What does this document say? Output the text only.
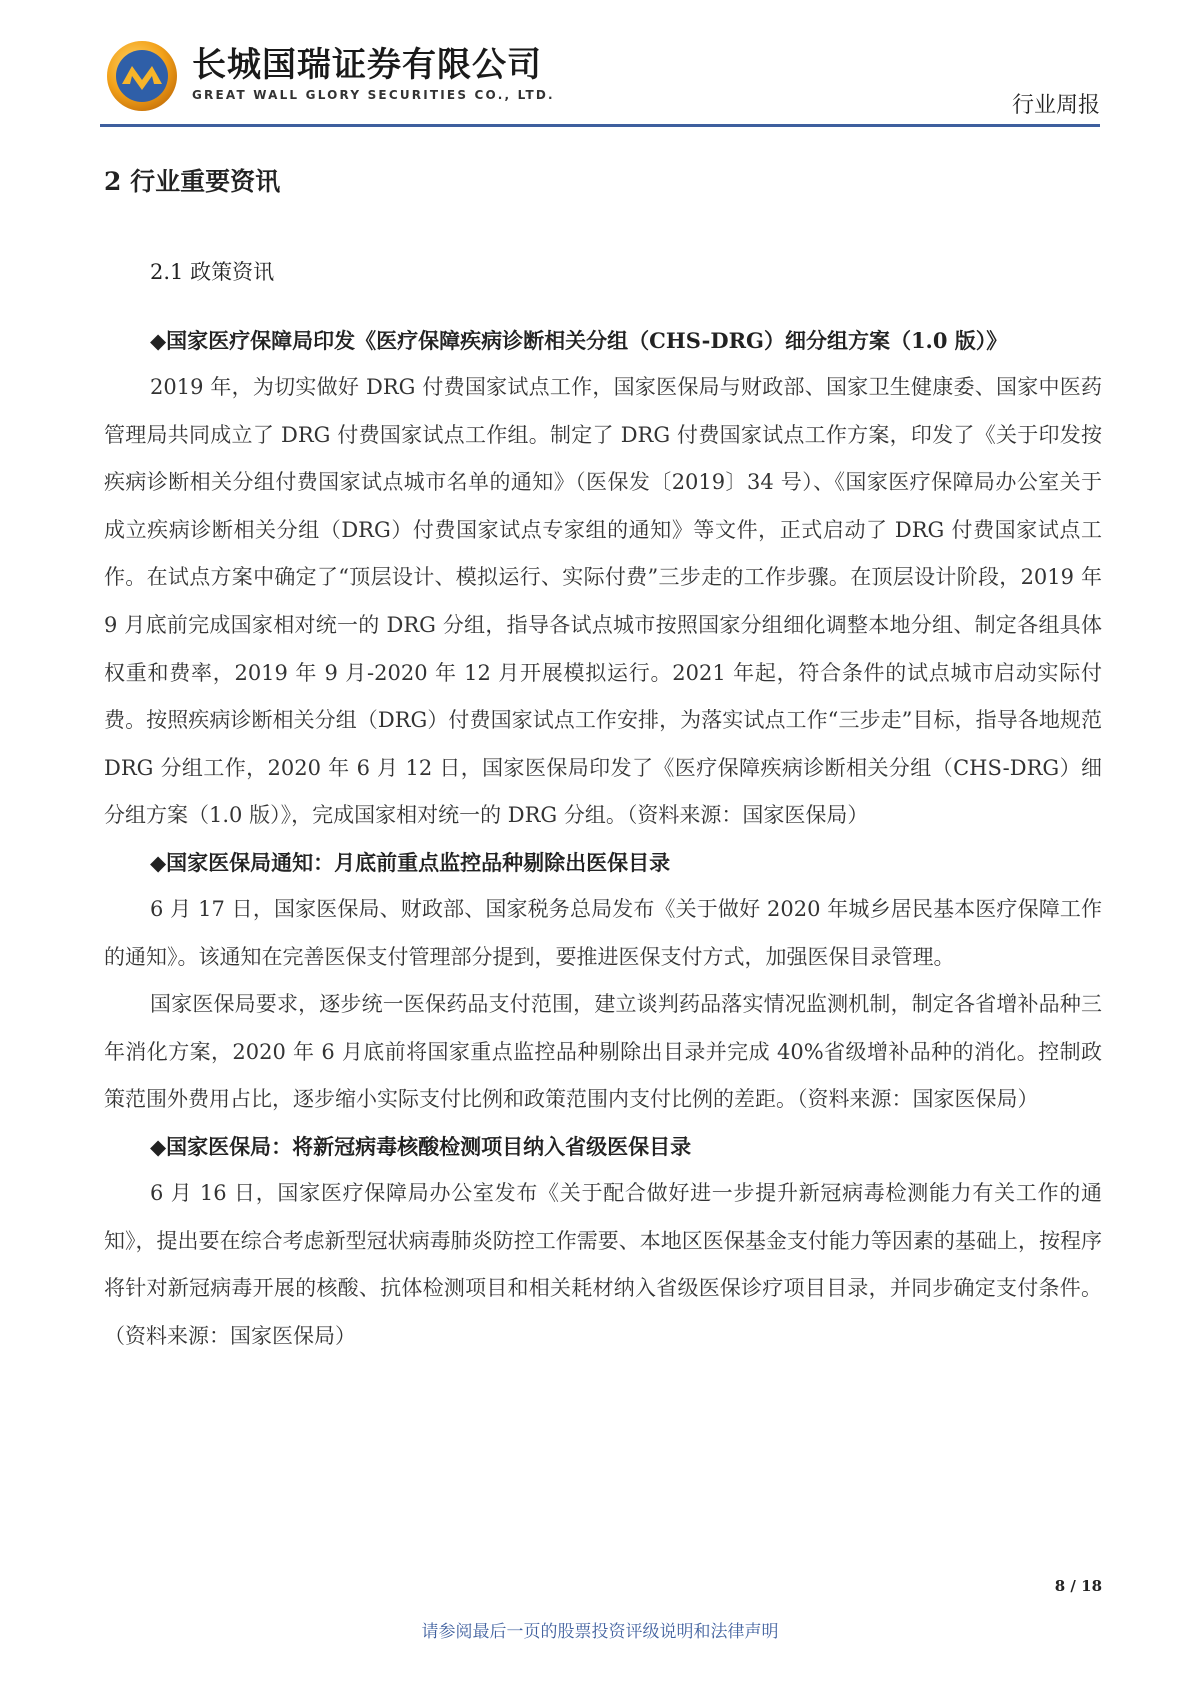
长城国瑞证券有限公司
GREAT WALL GLORY SECURITIES CO., LTD.	行业周报
2 行业重要资讯
2.1 政策资讯
◆国家医疗保障局印发《医疗保障疾病诊断相关分组（CHS-DRG）细分组方案（1.0 版）》
2019 年，为切实做好 DRG 付费国家试点工作，国家医保局与财政部、国家卫生健康委、国家中医药管理局共同成立了 DRG 付费国家试点工作组。制定了 DRG 付费国家试点工作方案，印发了《关于印发按疾病诊断相关分组付费国家试点城市名单的通知》（医保发〔2019〕34 号）、《国家医疗保障局办公室关于成立疾病诊断相关分组（DRG）付费国家试点专家组的通知》等文件，正式启动了 DRG 付费国家试点工作。在试点方案中确定了“顶层设计、模拟运行、实际付费”三步走的工作步骤。在顶层设计阶段，2019 年 9 月底前完成国家相对统一的 DRG 分组，指导各试点城市按照国家分组细化调整本地分组、制定各组具体权重和费率，2019 年 9 月-2020 年 12 月开展模拟运行。2021 年起，符合条件的试点城市启动实际付费。按照疾病诊断相关分组（DRG）付费国家试点工作安排，为落实试点工作“三步走”目标，指导各地规范 DRG 分组工作，2020 年 6 月 12 日，国家医保局印发了《医疗保障疾病诊断相关分组（CHS-DRG）细分组方案（1.0 版）》，完成国家相对统一的 DRG 分组。（资料来源：国家医保局）
◆国家医保局通知：月底前重点监控品种剔除出医保目录
6 月 17 日，国家医保局、财政部、国家税务总局发布《关于做好 2020 年城乡居民基本医疗保障工作的通知》。该通知在完善医保支付管理部分提到，要推进医保支付方式，加强医保目录管理。
国家医保局要求，逐步统一医保药品支付范围，建立谈判药品落实情况监测机制，制定各省增补品种三年消化方案，2020 年 6 月底前将国家重点监控品种剔除出目录并完成 40%省级增补品种的消化。控制政策范围外费用占比，逐步缩小实际支付比例和政策范围内支付比例的差距。（资料来源：国家医保局）
◆国家医保局：将新冠病毒核酸检测项目纳入省级医保目录
6 月 16 日，国家医疗保障局办公室发布《关于配合做好进一步提升新冠病毒检测能力有关工作的通知》，提出要在综合考虑新型冠状病毒肺炎防控工作需要、本地区医保基金支付能力等因素的基础上，按程序将针对新冠病毒开展的核酸、抗体检测项目和相关耗材纳入省级医保诊疗项目目录，并同步确定支付条件。（资料来源：国家医保局）
8 / 18
请参阅最后一页的股票投资评级说明和法律声明
